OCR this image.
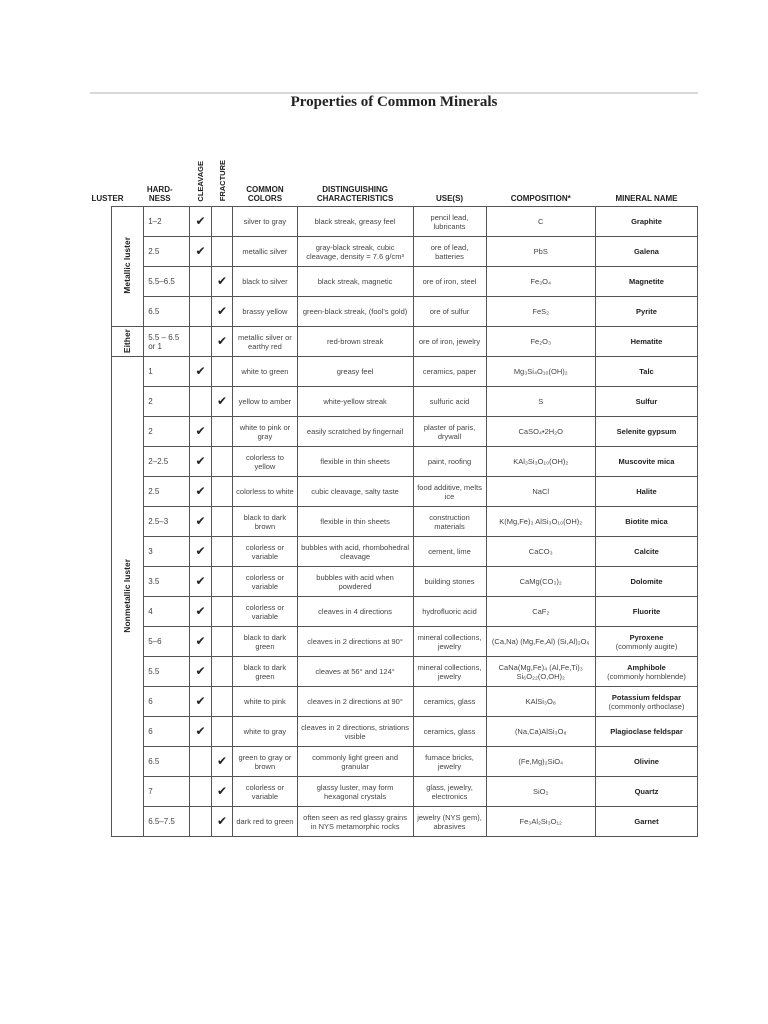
Properties of Common Minerals
LUSTER	HARD- NESS	CLEAVAGE	FRACTURE	COMMON COLORS	DISTINGUISHING CHARACTERISTICS	USE(S)	COMPOSITION*	MINERAL NAME
Metallic luster	1–2	✔		silver to gray	black streak, greasy feel	pencil lead, lubricants	C	Graphite
2.5	✔		metallic silver	gray-black streak, cubic cleavage, density = 7.6 g/cm³	ore of lead, batteries	PbS	Galena
5.5–6.5		✔	black to silver	black streak, magnetic	ore of iron, steel	Fe₃O₄	Magnetite
6.5		✔	brassy yellow	green-black streak, (fool's gold)	ore of sulfur	FeS₂	Pyrite
Either	5.5 – 6.5 or 1		✔	metallic silver or earthy red	red-brown streak	ore of iron, jewelry	Fe₂O₃	Hematite
Nonmetallic luster	1	✔		white to green	greasy feel	ceramics, paper	Mg₃Si₄O₁₀(OH)₂	Talc
2		✔	yellow to amber	white-yellow streak	sulfuric acid	S	Sulfur
2	✔		white to pink or gray	easily scratched by fingernail	plaster of paris, drywall	CaSO₄•2H₂O	Selenite gypsum
2–2.5	✔		colorless to yellow	flexible in thin sheets	paint, roofing	KAl₃Si₃O₁₀(OH)₂	Muscovite mica
2.5	✔		colorless to white	cubic cleavage, salty taste	food additive, melts ice	NaCl	Halite
2.5–3	✔		black to dark brown	flexible in thin sheets	construction materials	K(Mg,Fe)₃ AlSi₃O₁₀(OH)₂	Biotite mica
3	✔		colorless or variable	bubbles with acid, rhombohedral cleavage	cement, lime	CaCO₃	Calcite
3.5	✔		colorless or variable	bubbles with acid when powdered	building stones	CaMg(CO₃)₂	Dolomite
4	✔		colorless or variable	cleaves in 4 directions	hydrofluoric acid	CaF₂	Fluorite
5–6	✔		black to dark green	cleaves in 2 directions at 90°	mineral collections, jewelry	(Ca,Na) (Mg,Fe,Al) (Si,Al)₂O₆	Pyroxene
(commonly augite)

5.5	✔		black to dark green	cleaves at 56° and 124°	mineral collections, jewelry	CaNa(Mg,Fe)₄ (Al,Fe,Ti)₃ Si₆O₂₂(O,OH)₂	Amphibole
(commonly hornblende)

6	✔		white to pink	cleaves in 2 directions at 90°	ceramics, glass	KAlSi₃O₈	Potassium feldspar
(commonly orthoclase)

6	✔		white to gray	cleaves in 2 directions, striations visible	ceramics, glass	(Na,Ca)AlSi₃O₈	Plagioclase feldspar
6.5		✔	green to gray or brown	commonly light green and granular	furnace bricks, jewelry	(Fe,Mg)₂SiO₄	Olivine
7		✔	colorless or variable	glassy luster, may form hexagonal crystals	glass, jewelry, electronics	SiO₂	Quartz
6.5–7.5		✔	dark red to green	often seen as red glassy grains in NYS metamorphic rocks	jewelry (NYS gem), abrasives	Fe₃Al₂Si₃O₁₂	Garnet
